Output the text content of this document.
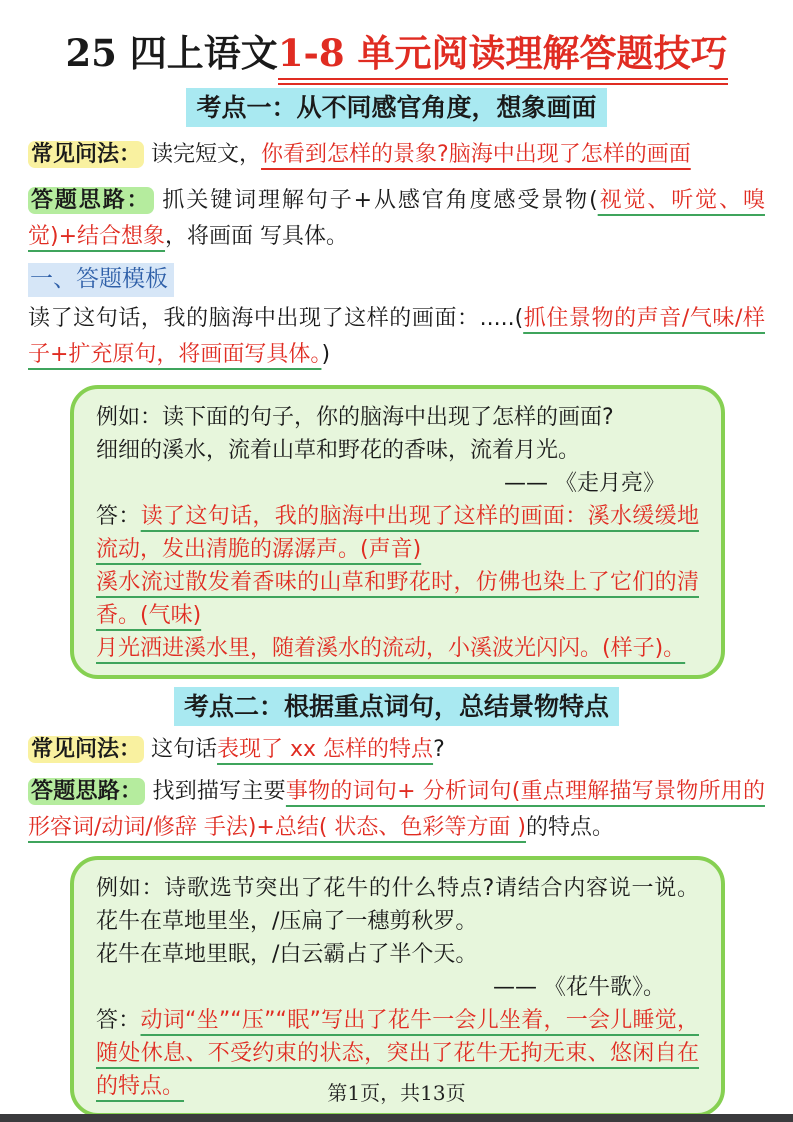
25 四上语文1-8 单元阅读理解答题技巧
考点一：从不同感官角度，想象画面

常见问法： 读完短文，你看到怎样的景象?脑海中出现了怎样的画面

答题思路： 抓关键词理解句子+从感官角度感受景物(视觉、听觉、嗅觉)+结合想象，将画面 写具体。

一、答题模板

读了这句话，我的脑海中出现了这样的画面：.....(抓住景物的声音/气味/样子+扩充原句，将画面写具体。)

例如：读下面的句子，你的脑海中出现了怎样的画面?

细细的溪水，流着山草和野花的香味，流着月光。

—— 《走月亮》

答：读了这句话，我的脑海中出现了这样的画面：溪水缓缓地流动，发出清脆的潺潺声。(声音)

溪水流过散发着香味的山草和野花时，仿佛也染上了它们的清香。(气味)

月光洒进溪水里，随着溪水的流动，小溪波光闪闪。(样子)。

考点二：根据重点词句，总结景物特点

常见问法： 这句话表现了 xx 怎样的特点?

答题思路： 找到描写主要事物的词句+ 分析词句(重点理解描写景物所用的形容词/动词/修辞 手法)+总结( 状态、色彩等方面 )的特点。

例如：诗歌选节突出了花牛的什么特点?请结合内容说一说。花牛在草地里坐，/压扁了一穗剪秋罗。

花牛在草地里眠，/白云霸占了半个天。

—— 《花牛歌》。

答：动词“坐”“压”“眠”写出了花牛一会儿坐着，一会儿睡觉，随处休息、不受约束的状态，突出了花牛无拘无束、悠闲自在的特点。	第1页，共13页
